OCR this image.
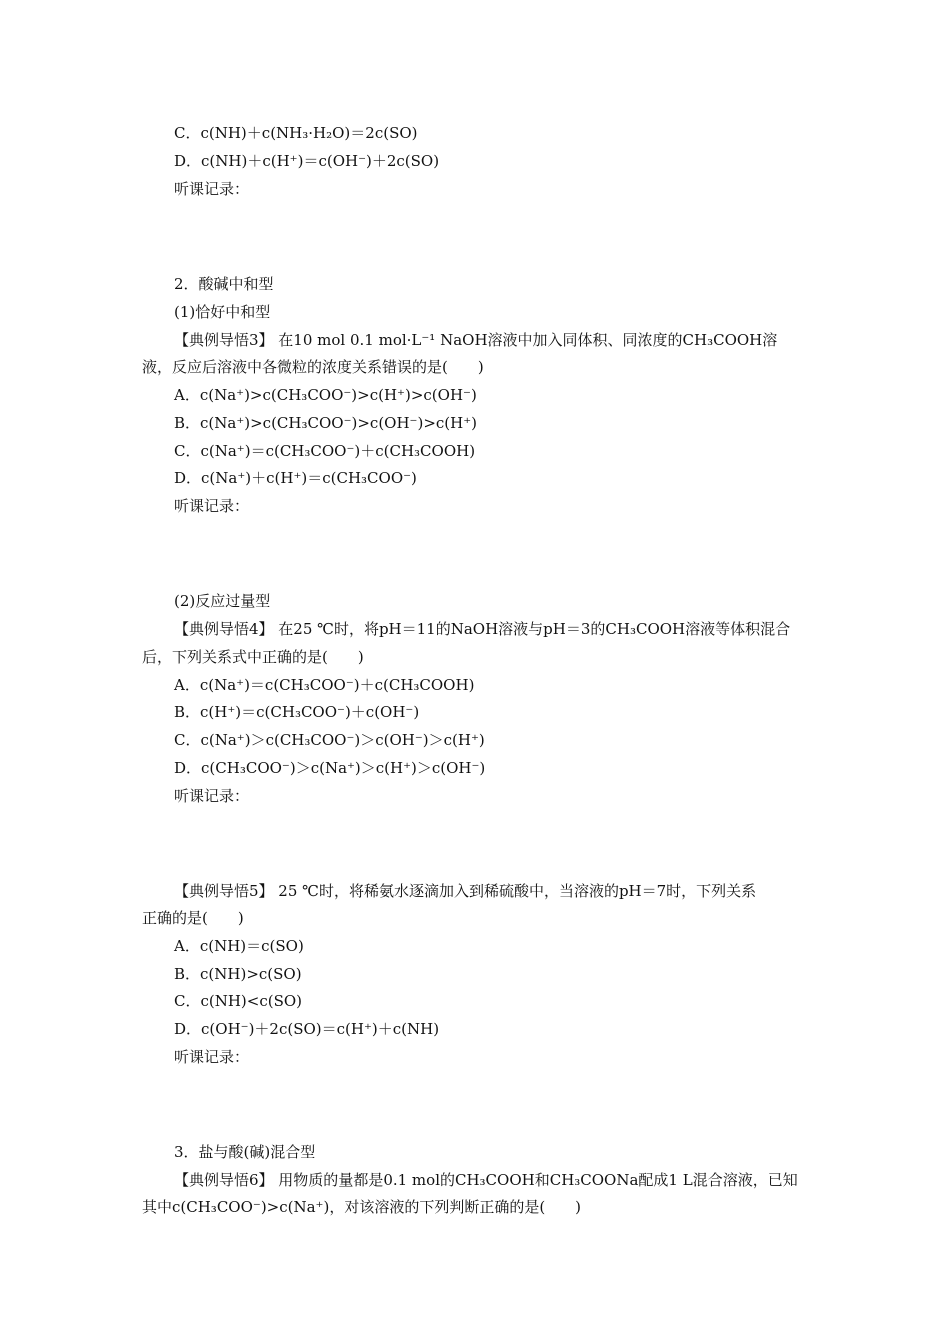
C．c(NH)＋c(NH₃·H₂O)＝2c(SO)
D．c(NH)＋c(H⁺)＝c(OH⁻)＋2c(SO)
听课记录：
2．酸碱中和型
(1)恰好中和型
【典例导悟3】 在10 mol 0.1 mol·L⁻¹ NaOH溶液中加入同体积、同浓度的CH₃COOH溶
液，反应后溶液中各微粒的浓度关系错误的是(　　)
A．c(Na⁺)>c(CH₃COO⁻)>c(H⁺)>c(OH⁻)
B．c(Na⁺)>c(CH₃COO⁻)>c(OH⁻)>c(H⁺)
C．c(Na⁺)＝c(CH₃COO⁻)＋c(CH₃COOH)
D．c(Na⁺)＋c(H⁺)＝c(CH₃COO⁻)
听课记录：
(2)反应过量型
【典例导悟4】 在25 ℃时，将pH＝11的NaOH溶液与pH＝3的CH₃COOH溶液等体积混合
后，下列关系式中正确的是(　　)
A．c(Na⁺)＝c(CH₃COO⁻)＋c(CH₃COOH)
B．c(H⁺)＝c(CH₃COO⁻)＋c(OH⁻)
C．c(Na⁺)＞c(CH₃COO⁻)＞c(OH⁻)＞c(H⁺)
D．c(CH₃COO⁻)＞c(Na⁺)＞c(H⁺)＞c(OH⁻)
听课记录：
【典例导悟5】 25 ℃时，将稀氨水逐滴加入到稀硫酸中，当溶液的pH＝7时，下列关系
正确的是(　　)
A．c(NH)＝c(SO)
B．c(NH)>c(SO)
C．c(NH)<c(SO)
D．c(OH⁻)＋2c(SO)＝c(H⁺)＋c(NH)
听课记录：
3．盐与酸(碱)混合型
【典例导悟6】 用物质的量都是0.1 mol的CH₃COOH和CH₃COONa配成1 L混合溶液，已知
其中c(CH₃COO⁻)>c(Na⁺)，对该溶液的下列判断正确的是(　　)
